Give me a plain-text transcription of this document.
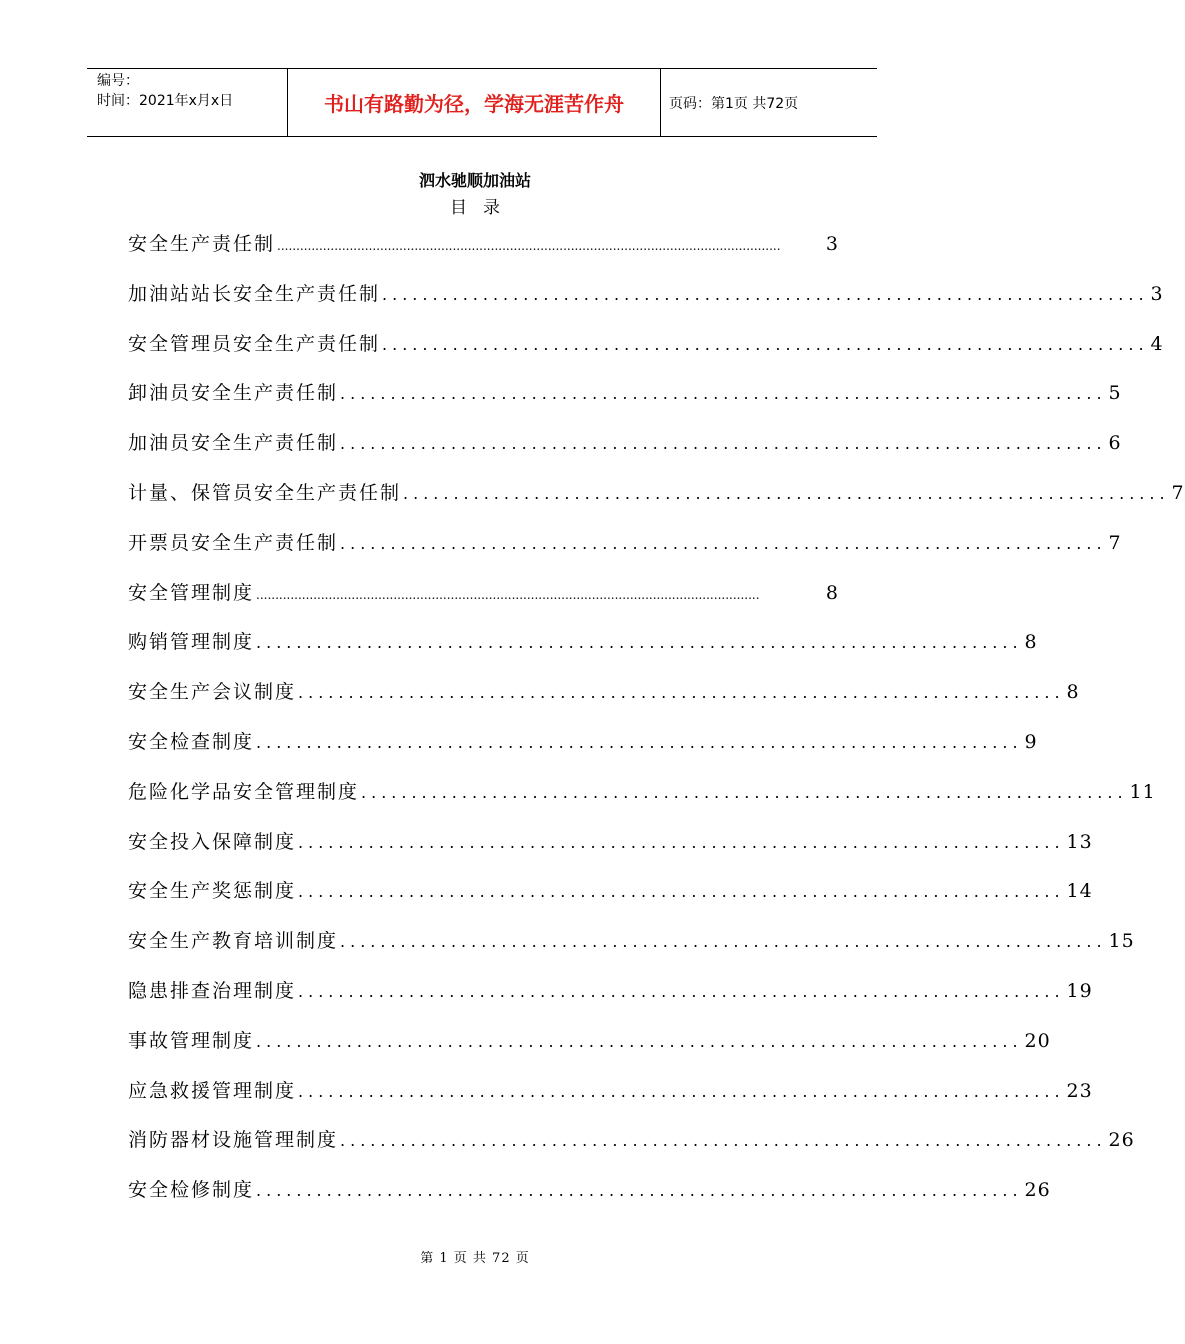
编号：
时间：2021年x月x日	书山有路勤为径，学海无涯苦作舟	页码：第1页 共72页
泗水驰顺加油站
目录
安全生产责任制 ....................................................................................................................................	3
加油站站长安全生产责任制 ............................................................................ 3
安全管理员安全生产责任制 ............................................................................ 4
卸油员安全生产责任制 ............................................................................ 5
加油员安全生产责任制 ............................................................................ 6
计量、保管员安全生产责任制 ............................................................................ 7
开票员安全生产责任制 ............................................................................ 7
安全管理制度 ....................................................................................................................................	8
购销管理制度 ............................................................................ 8
安全生产会议制度 ............................................................................ 8
安全检查制度 ............................................................................ 9
危险化学品安全管理制度 ............................................................................ 11
安全投入保障制度 ............................................................................ 13
安全生产奖惩制度 ............................................................................ 14
安全生产教育培训制度 ............................................................................ 15
隐患排查治理制度 ............................................................................ 19
事故管理制度 ............................................................................ 20
应急救援管理制度 ............................................................................ 23
消防器材设施管理制度 ............................................................................ 26
安全检修制度 ............................................................................ 26
第 1 页 共 72 页
